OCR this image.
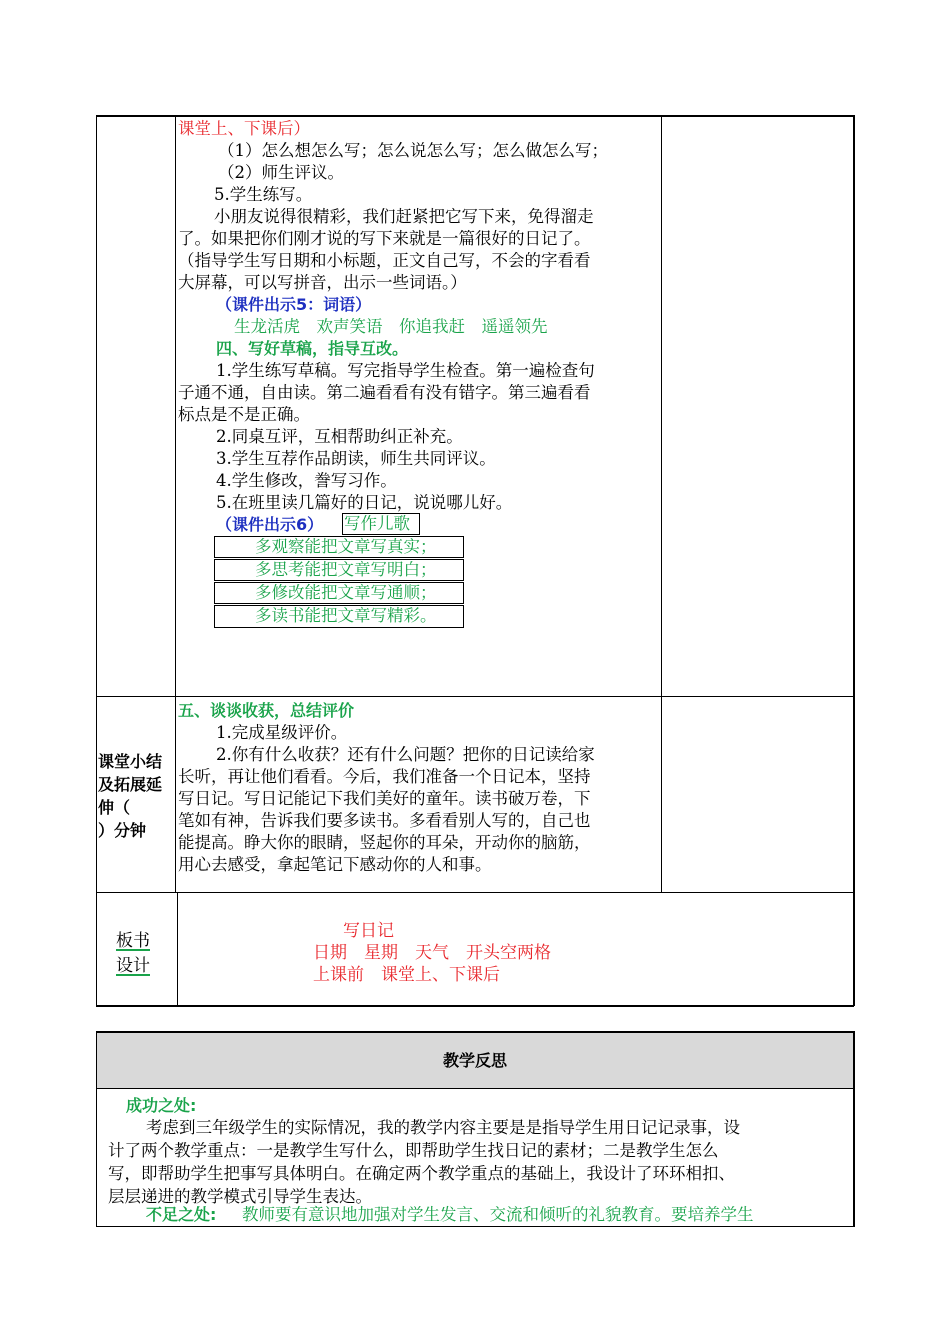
课堂上、下课后）
（1）怎么想怎么写；怎么说怎么写；怎么做怎么写；
（2）师生评议。
5.学生练写。
小朋友说得很精彩，我们赶紧把它写下来，免得溜走
了。如果把你们刚才说的写下来就是一篇很好的日记了。
（指导学生写日期和小标题，正文自己写，不会的字看看
大屏幕，可以写拼音，出示一些词语。）
（课件出示5：词语）
生龙活虎　欢声笑语　你追我赶　遥遥领先
四、写好草稿，指导互改。
1.学生练写草稿。写完指导学生检查。第一遍检查句
子通不通，自由读。第二遍看看有没有错字。第三遍看看
标点是不是正确。
2.同桌互评，互相帮助纠正补充。
3.学生互荐作品朗读，师生共同评议。
4.学生修改，誊写习作。
5.在班里读几篇好的日记，说说哪儿好。
（课件出示6） 写作儿歌
多观察能把文章写真实；
多思考能把文章写明白；
多修改能把文章写通顺；
多读书能把文章写精彩。
课堂小结
及拓展延
伸（
）分钟
五、谈谈收获，总结评价
1.完成星级评价。
2.你有什么收获？还有什么问题？把你的日记读给家
长听，再让他们看看。今后，我们准备一个日记本，坚持
写日记。写日记能记下我们美好的童年。读书破万卷，下
笔如有神，告诉我们要多读书。多看看别人写的，自己也
能提高。睁大你的眼睛，竖起你的耳朵，开动你的脑筋，
用心去感受，拿起笔记下感动你的人和事。
板书
设计
写日记
日期　星期　天气　开头空两格
上课前　课堂上、下课后
教学反思
成功之处:
考虑到三年级学生的实际情况，我的教学内容主要是是指导学生用日记记录事，设
计了两个教学重点：一是教学生写什么，即帮助学生找日记的素材；二是教学生怎么
写，即帮助学生把事写具体明白。在确定两个教学重点的基础上，我设计了环环相扣、
层层递进的教学模式引导学生表达。
不足之处: 教师要有意识地加强对学生发言、交流和倾听的礼貌教育。要培养学生
